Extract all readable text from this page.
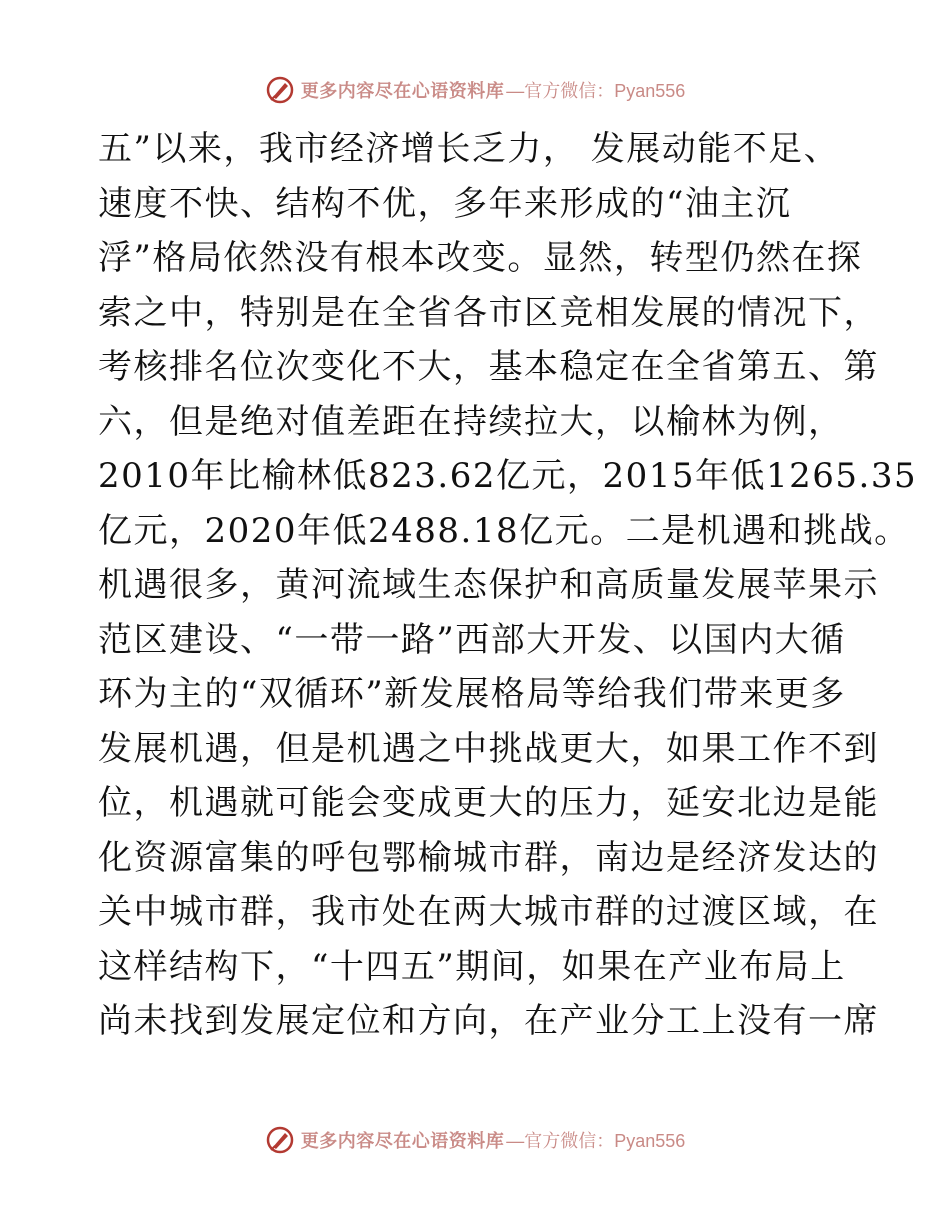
更多内容尽在心语资料库 —官方微信：Pyan556
五”以来，我市经济增长乏力， 发展动能不足、
速度不快、结构不优，多年来形成的“油主沉
浮”格局依然没有根本改变。显然，转型仍然在探
索之中，特别是在全省各市区竞相发展的情况下，
考核排名位次变化不大，基本稳定在全省第五、第
六，但是绝对值差距在持续拉大，以榆林为例，
2010年比榆林低823.62亿元，2015年低1265.35
亿元，2020年低2488.18亿元。二是机遇和挑战。
机遇很多，黄河流域生态保护和高质量发展苹果示
范区建设、“一带一路”西部大开发、以国内大循
环为主的“双循环”新发展格局等给我们带来更多
发展机遇，但是机遇之中挑战更大，如果工作不到
位，机遇就可能会变成更大的压力，延安北边是能
化资源富集的呼包鄂榆城市群，南边是经济发达的
关中城市群，我市处在两大城市群的过渡区域，在
这样结构下，“十四五”期间，如果在产业布局上
尚未找到发展定位和方向，在产业分工上没有一席
更多内容尽在心语资料库 —官方微信：Pyan556
